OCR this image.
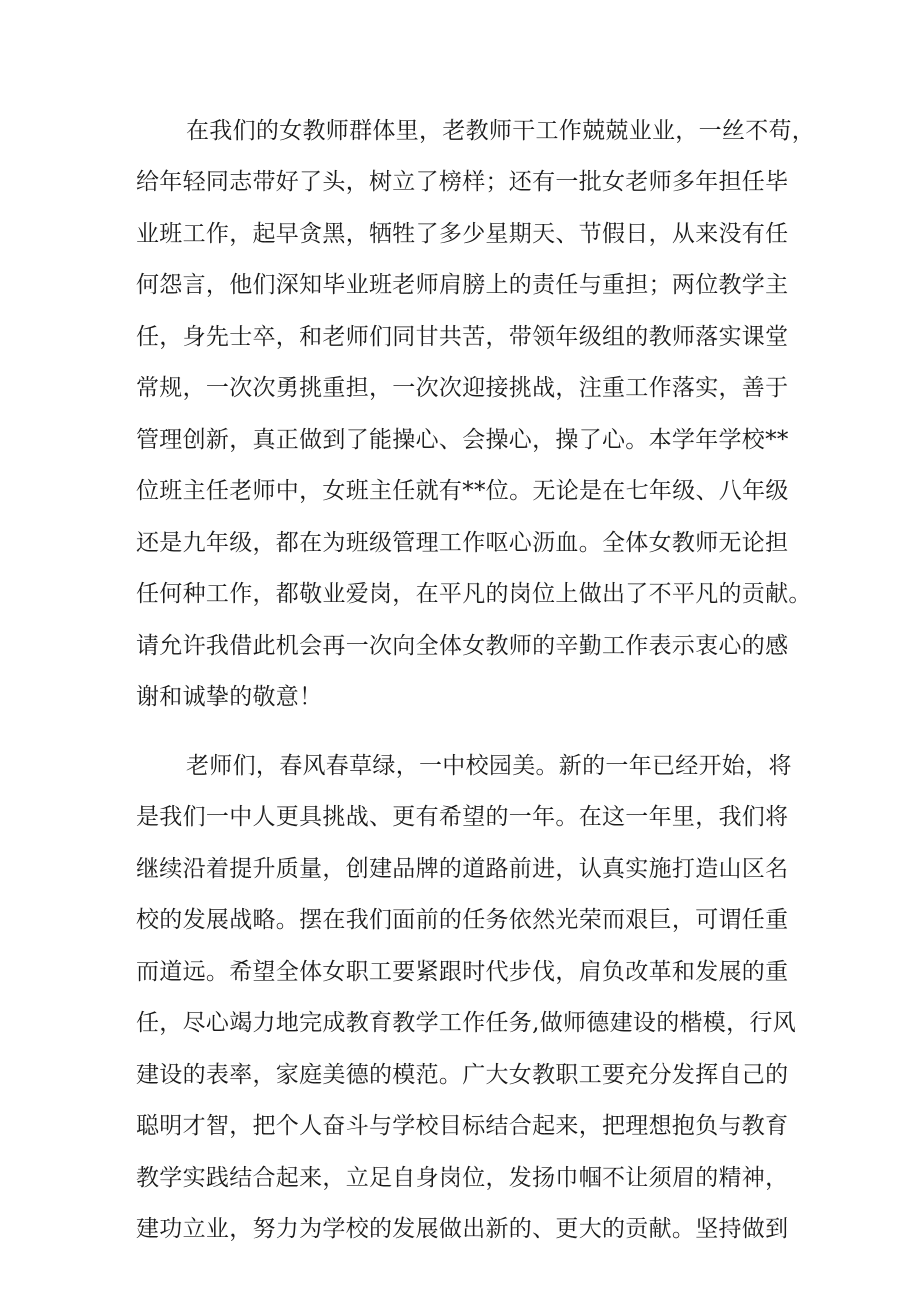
在我们的女教师群体里，老教师干工作兢兢业业，一丝不苟，
给年轻同志带好了头，树立了榜样；还有一批女老师多年担任毕
业班工作，起早贪黑，牺牲了多少星期天、节假日，从来没有任
何怨言，他们深知毕业班老师肩膀上的责任与重担；两位教学主
任，身先士卒，和老师们同甘共苦，带领年级组的教师落实课堂
常规，一次次勇挑重担，一次次迎接挑战，注重工作落实，善于
管理创新，真正做到了能操心、会操心，操了心。本学年学校**
位班主任老师中，女班主任就有**位。无论是在七年级、八年级
还是九年级，都在为班级管理工作呕心沥血。全体女教师无论担
任何种工作，都敬业爱岗，在平凡的岗位上做出了不平凡的贡献。
请允许我借此机会再一次向全体女教师的辛勤工作表示衷心的感
谢和诚挚的敬意！
老师们，春风春草绿，一中校园美。新的一年已经开始，将
是我们一中人更具挑战、更有希望的一年。在这一年里，我们将
继续沿着提升质量，创建品牌的道路前进，认真实施打造山区名
校的发展战略。摆在我们面前的任务依然光荣而艰巨，可谓任重
而道远。希望全体女职工要紧跟时代步伐，肩负改革和发展的重
任，尽心竭力地完成教育教学工作任务,做师德建设的楷模，行风
建设的表率，家庭美德的模范。广大女教职工要充分发挥自己的
聪明才智，把个人奋斗与学校目标结合起来，把理想抱负与教育
教学实践结合起来，立足自身岗位，发扬巾帼不让须眉的精神，
建功立业，努力为学校的发展做出新的、更大的贡献。坚持做到
